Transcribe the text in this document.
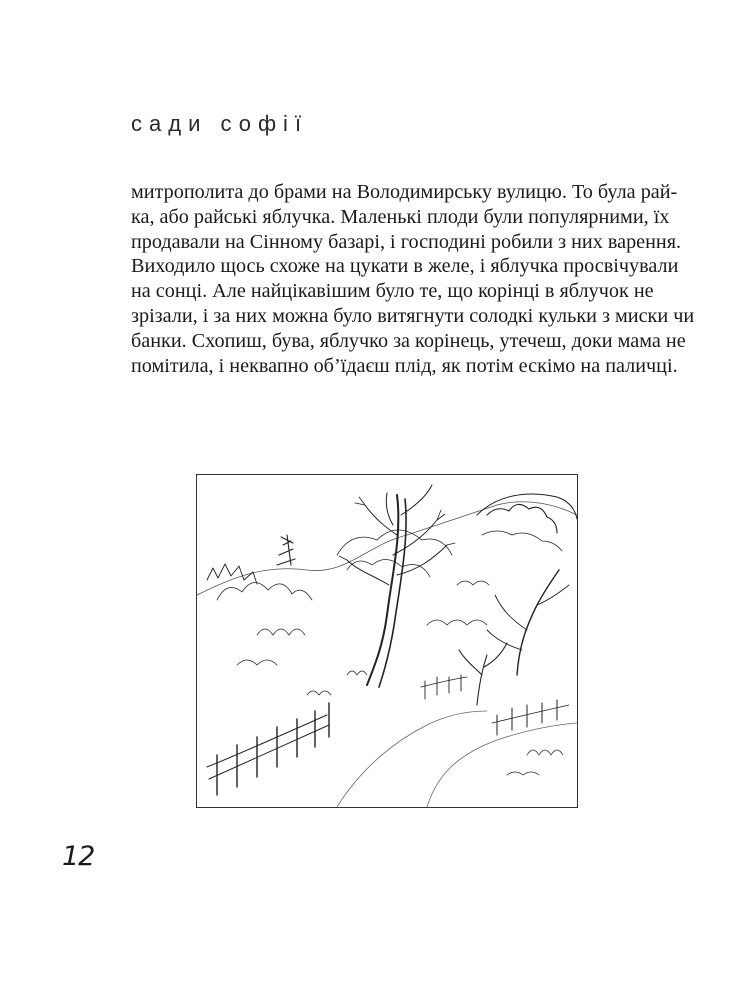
сади софії
митрополита до брами на Володимирську вулицю. То була рай-
ка, або райські яблучка. Маленькі плоди були популярними, їх
продавали на Сінному базарі, і господині робили з них варення.
Виходило щось схоже на цукати в желе, і яблучка просвічували
на сонці. Але найцікавішим було те, що корінці в яблучок не
зрізали, і за них можна було витягнути солодкі кульки з миски чи
банки. Схопиш, бува, яблучко за корінець, утечеш, доки мама не
помітила, і неквапно об’їдаєш плід, як потім ескімо на паличці.
12
